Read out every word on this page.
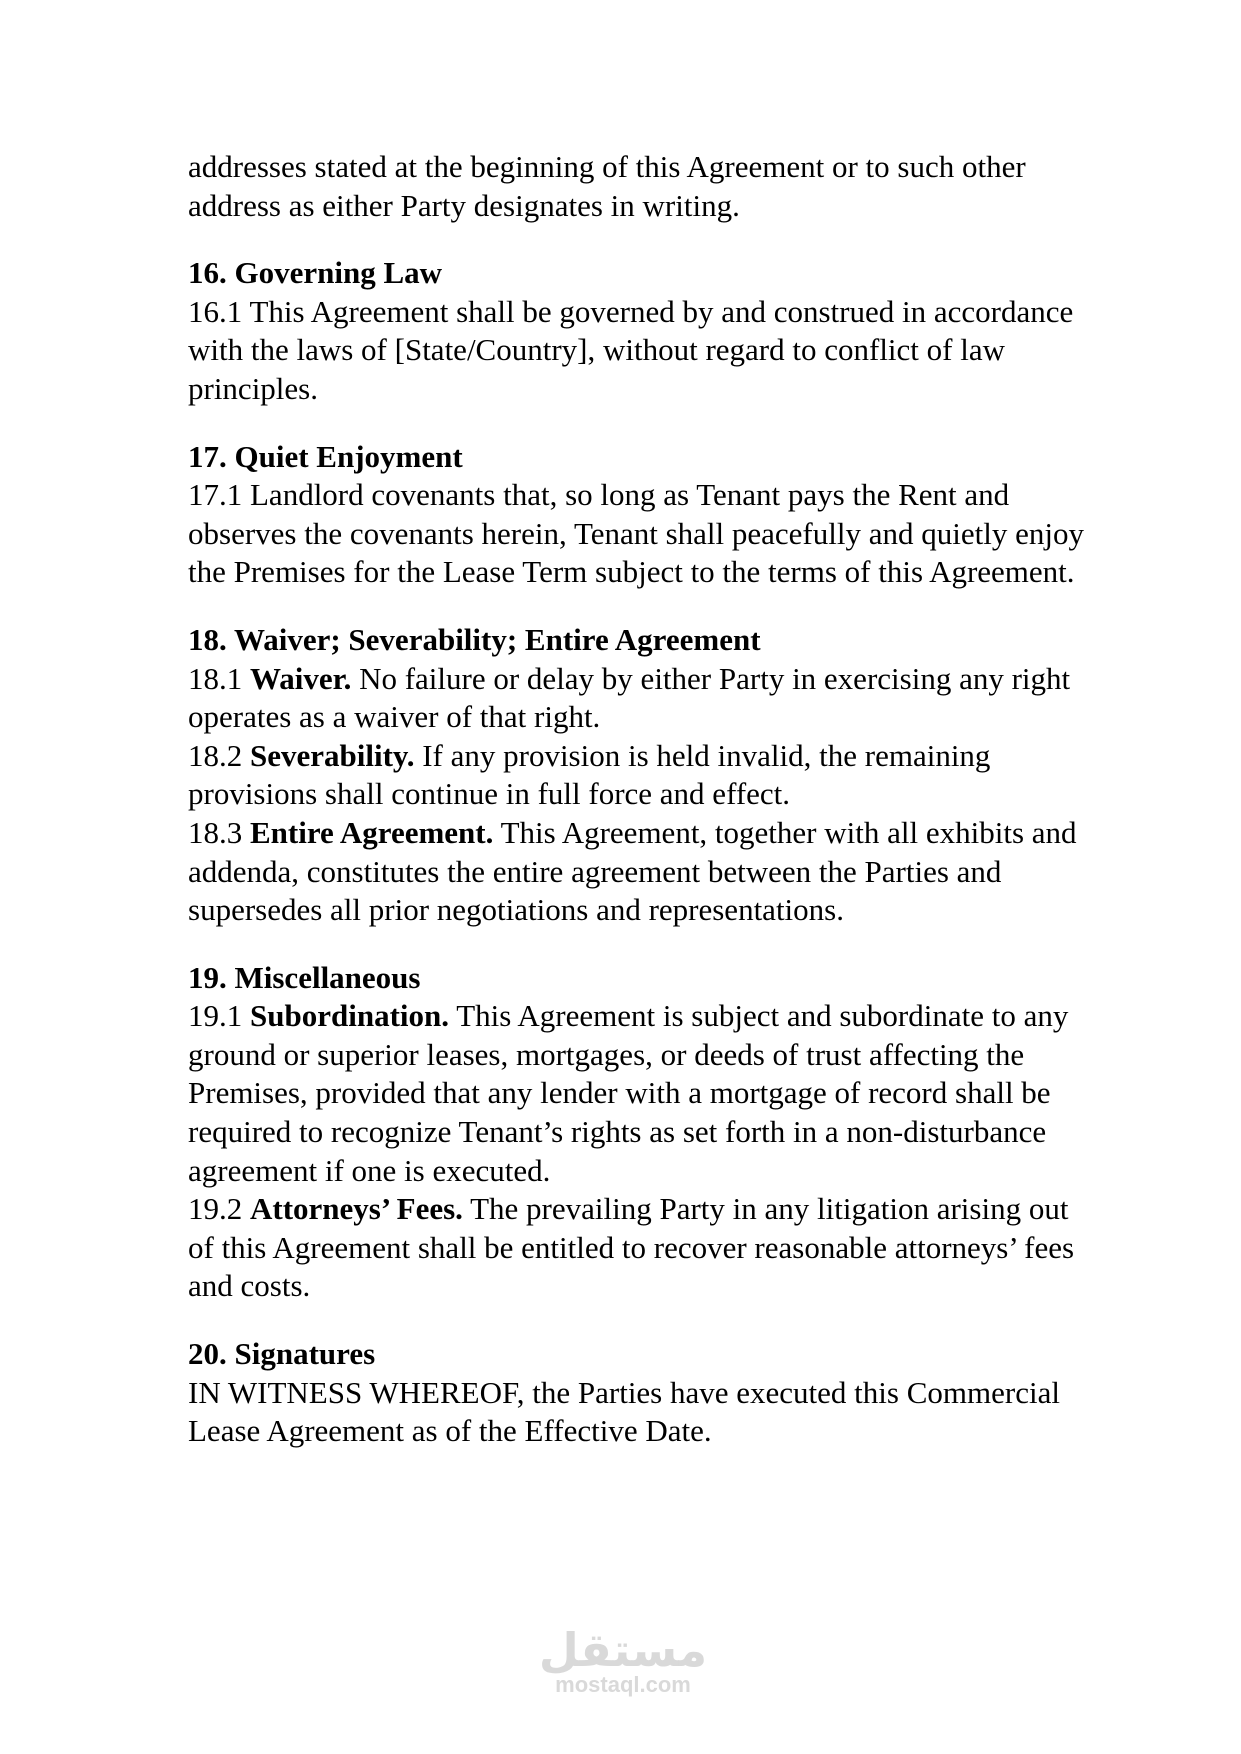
addresses stated at the beginning of this Agreement or to such other address as either Party designates in writing.

16. Governing Law

16.1 This Agreement shall be governed by and construed in accordance with the laws of [State/Country], without regard to conflict of law principles.

17. Quiet Enjoyment

17.1 Landlord covenants that, so long as Tenant pays the Rent and observes the covenants herein, Tenant shall peacefully and quietly enjoy the Premises for the Lease Term subject to the terms of this Agreement.

18. Waiver; Severability; Entire Agreement

18.1 Waiver. No failure or delay by either Party in exercising any right operates as a waiver of that right.

18.2 Severability. If any provision is held invalid, the remaining provisions shall continue in full force and effect.

18.3 Entire Agreement. This Agreement, together with all exhibits and addenda, constitutes the entire agreement between the Parties and supersedes all prior negotiations and representations.

19. Miscellaneous

19.1 Subordination. This Agreement is subject and subordinate to any ground or superior leases, mortgages, or deeds of trust affecting the Premises, provided that any lender with a mortgage of record shall be required to recognize Tenant’s rights as set forth in a non-disturbance agreement if one is executed.

19.2 Attorneys’ Fees. The prevailing Party in any litigation arising out of this Agreement shall be entitled to recover reasonable attorneys’ fees and costs.

20. Signatures

IN WITNESS WHEREOF, the Parties have executed this Commercial Lease Agreement as of the Effective Date.

مستقل
mostaql.com
